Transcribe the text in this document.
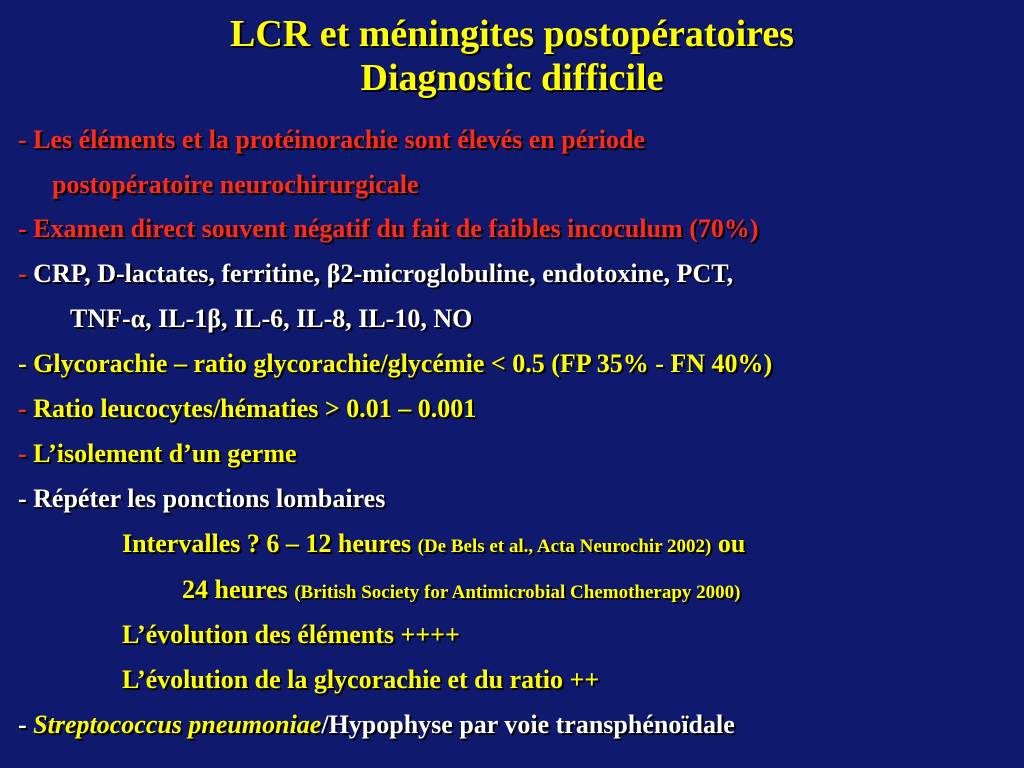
LCR et méningites postopératoires
Diagnostic difficile
- Les éléments et la protéinorachie sont élevés en période
postopératoire neurochirurgicale
- Examen direct souvent négatif du fait de faibles incoculum (70%)
- CRP, D-lactates, ferritine, β2-microglobuline, endotoxine, PCT,
TNF-α, IL-1β, IL-6, IL-8, IL-10, NO
- Glycorachie – ratio glycorachie/glycémie < 0.5 (FP 35% - FN 40%)
- Ratio leucocytes/hématies > 0.01 – 0.001
- L’isolement d’un germe
- Répéter les ponctions lombaires
Intervalles ? 6 – 12 heures (De Bels et al., Acta Neurochir 2002) ou
24 heures (British Society for Antimicrobial Chemotherapy 2000)
L’évolution des éléments ++++
L’évolution de la glycorachie et du ratio ++
- Streptococcus pneumoniae/Hypophyse par voie transphénoïdale
